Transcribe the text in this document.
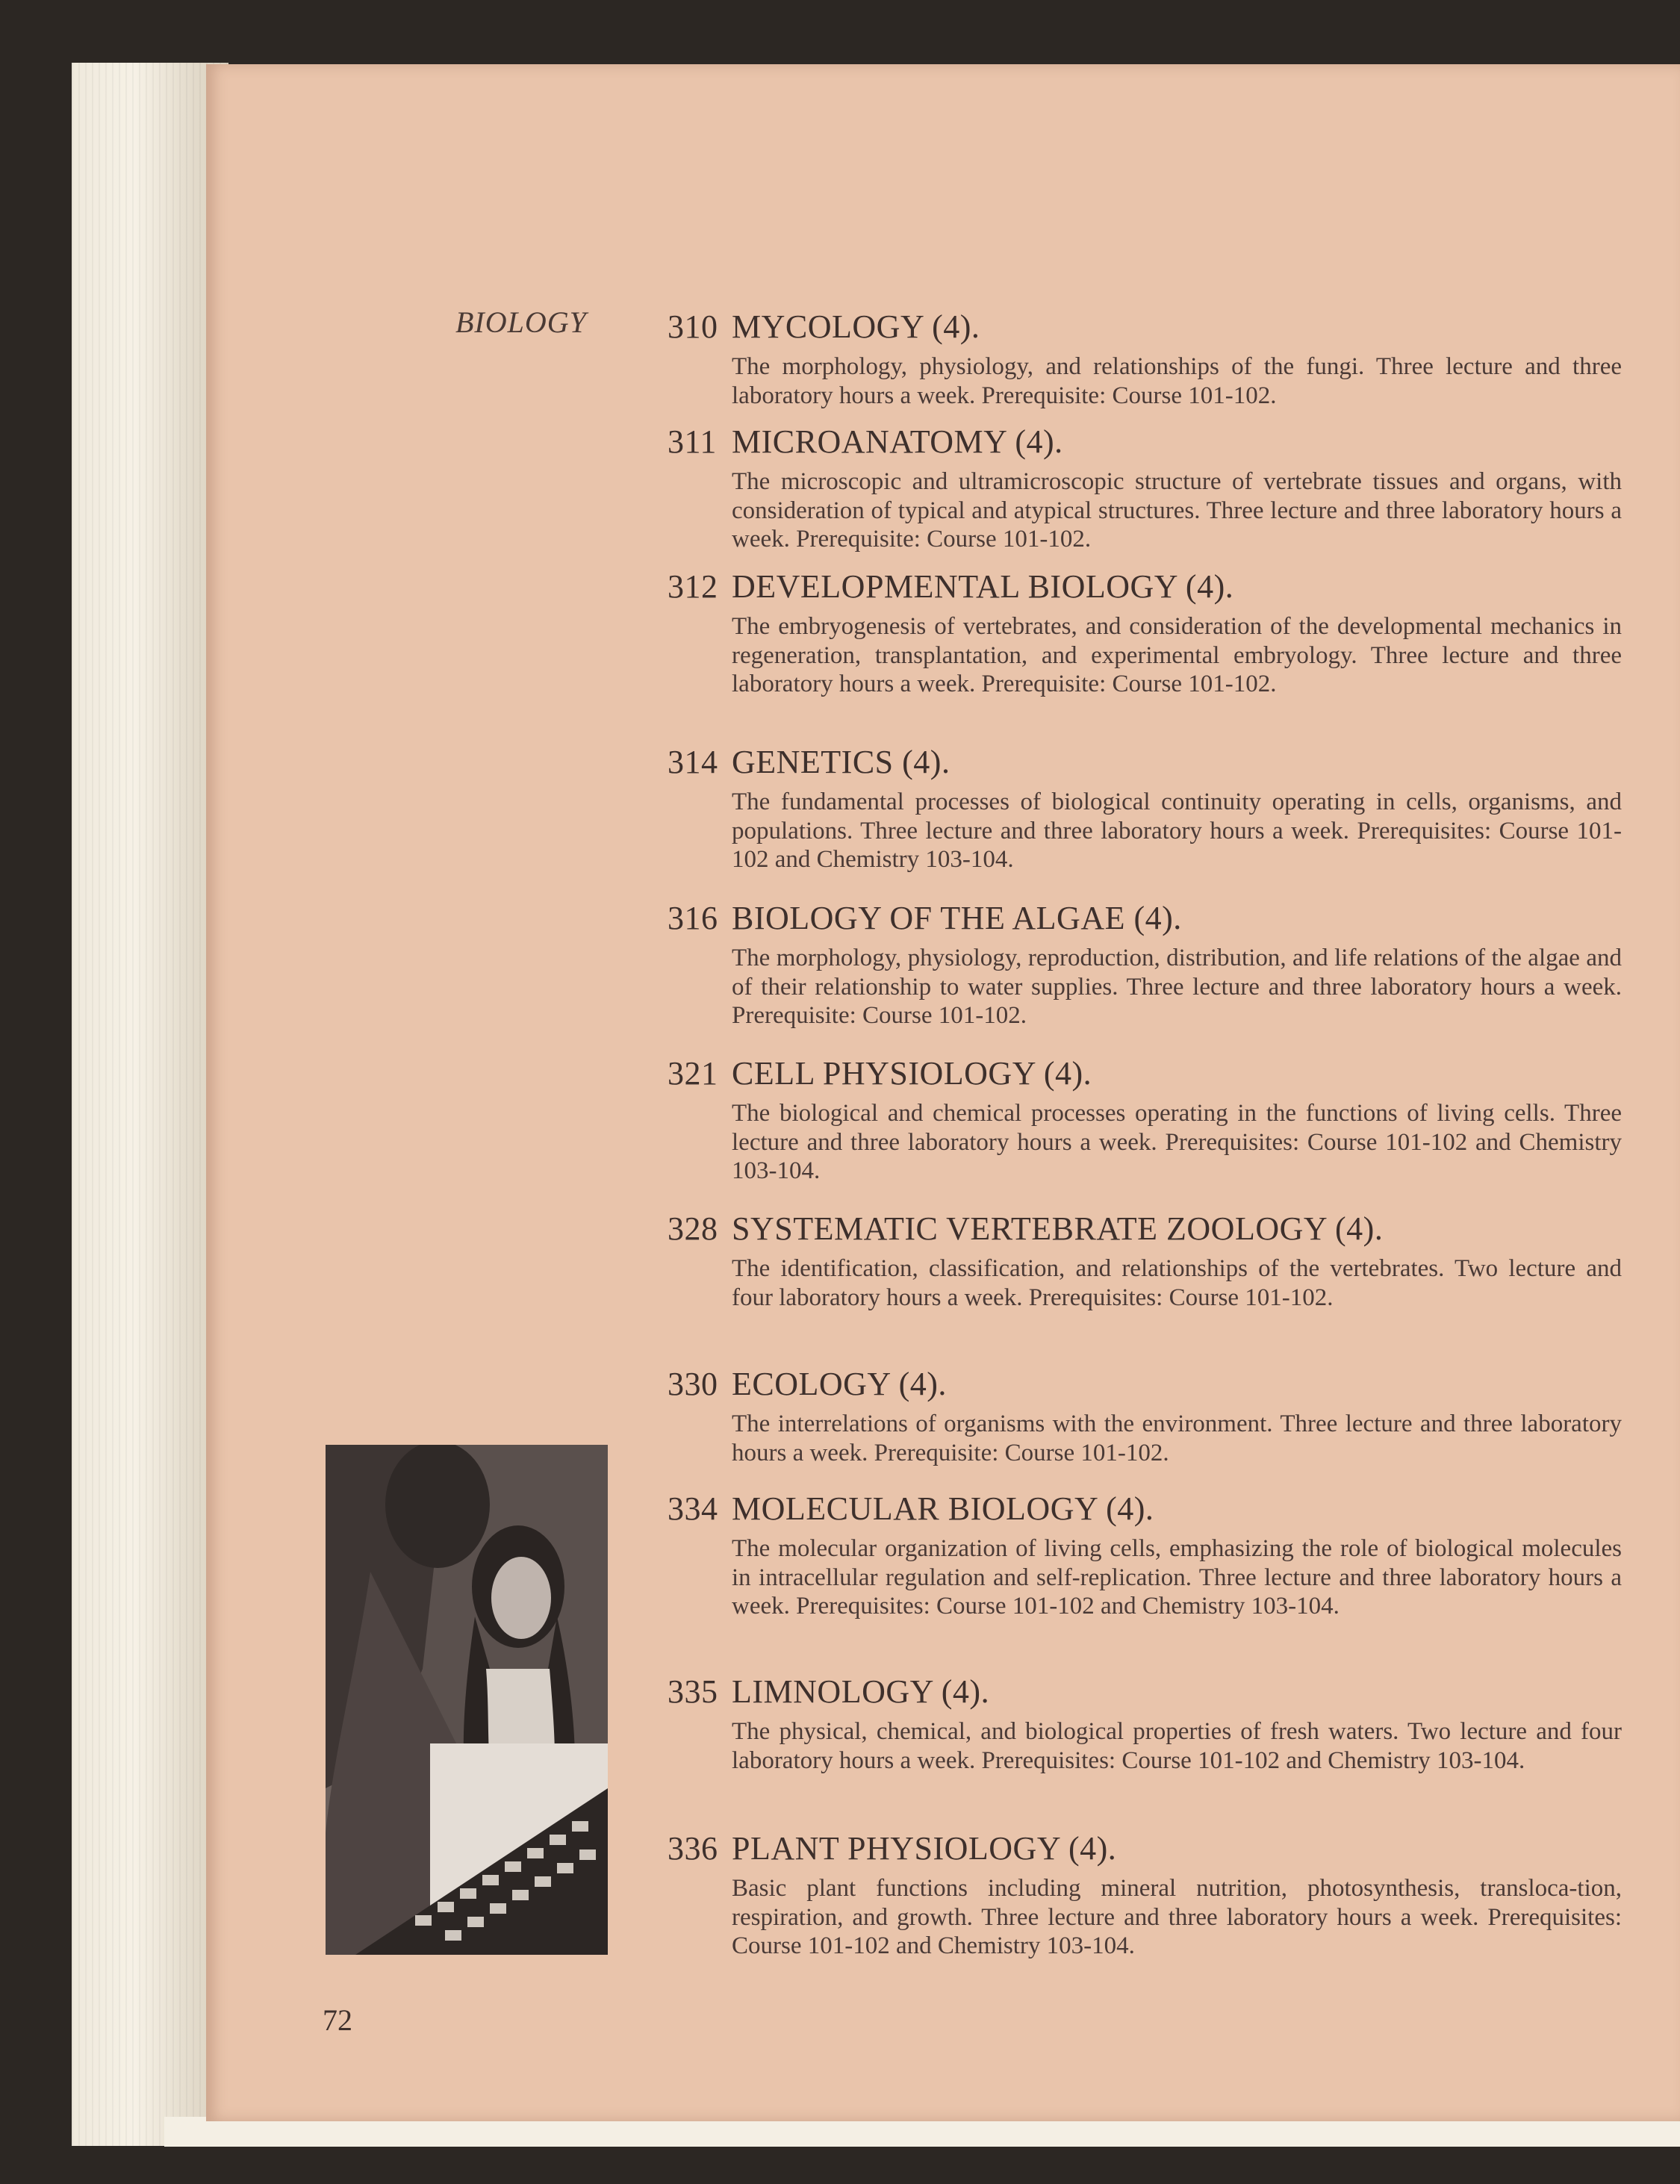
BIOLOGY 310 MYCOLOGY (4).
The morphology, physiology, and relationships of the fungi. Three lecture and three laboratory hours a week. Prerequisite: Course 101-102.
311 MICROANATOMY (4).
The microscopic and ultramicroscopic structure of vertebrate tissues and organs, with consideration of typical and atypical structures. Three lecture and three laboratory hours a week. Prerequisite: Course 101-102.
312 DEVELOPMENTAL BIOLOGY (4).
The embryogenesis of vertebrates, and consideration of the developmental mechanics in regeneration, transplantation, and experimental embryology. Three lecture and three laboratory hours a week. Prerequisite: Course 101-102.
314 GENETICS (4).
The fundamental processes of biological continuity operating in cells, organisms, and populations. Three lecture and three laboratory hours a week. Prerequisites: Course 101-102 and Chemistry 103-104.
316 BIOLOGY OF THE ALGAE (4).
The morphology, physiology, reproduction, distribution, and life relations of the algae and of their relationship to water supplies. Three lecture and three laboratory hours a week. Prerequisite: Course 101-102.
321 CELL PHYSIOLOGY (4).
The biological and chemical processes operating in the functions of living cells. Three lecture and three laboratory hours a week. Prerequisites: Course 101-102 and Chemistry 103-104.
328 SYSTEMATIC VERTEBRATE ZOOLOGY (4).
The identification, classification, and relationships of the vertebrates. Two lecture and four laboratory hours a week. Prerequisites: Course 101-102.
330 ECOLOGY (4).
The interrelations of organisms with the environment. Three lecture and three laboratory hours a week. Prerequisite: Course 101-102.
334 MOLECULAR BIOLOGY (4).
The molecular organization of living cells, emphasizing the role of biological molecules in intracellular regulation and self-replication. Three lecture and three laboratory hours a week. Prerequisites: Course 101-102 and Chemistry 103-104.
335 LIMNOLOGY (4).
The physical, chemical, and biological properties of fresh waters. Two lecture and four laboratory hours a week. Prerequisites: Course 101-102 and Chemistry 103-104.
336 PLANT PHYSIOLOGY (4).
Basic plant functions including mineral nutrition, photosynthesis, transloca-tion, respiration, and growth. Three lecture and three laboratory hours a week. Prerequisites: Course 101-102 and Chemistry 103-104.
72
